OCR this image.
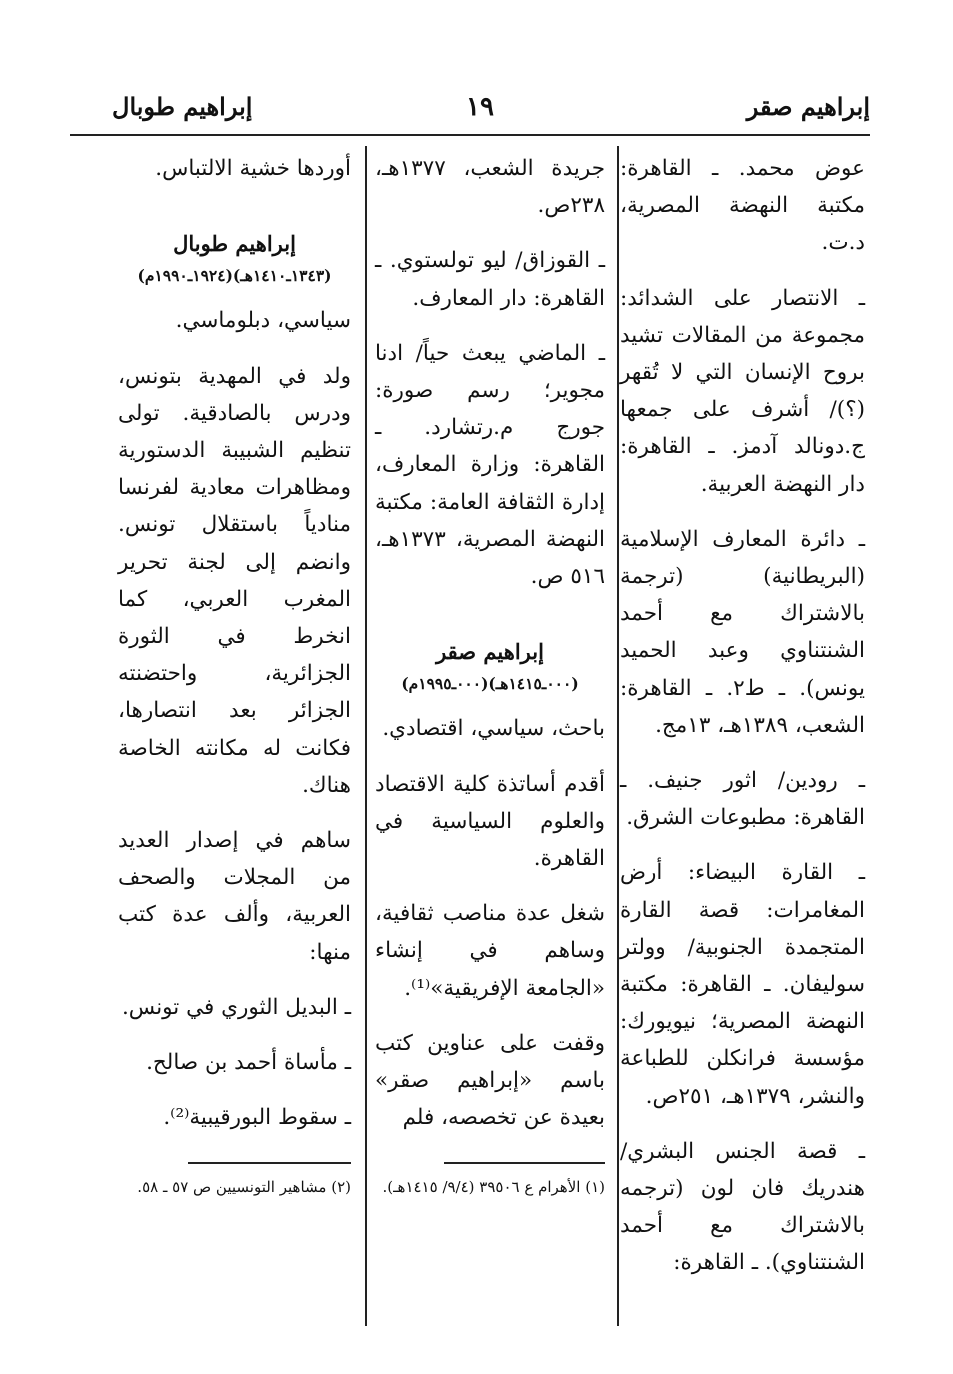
إبراهيم صقر
١٩
إبراهيم طوبال

عوض محمد. ـ القاهرة: مكتبة النهضة المصرية، د.ت.

ـ الانتصار على الشدائد: مجموعة من المقالات تشيد بروح الإنسان التي لا تُقهر (؟)/ أشرف على جمعها ج.دونالد آدمز. ـ القاهرة: دار النهضة العربية.

ـ دائرة المعارف الإسلامية (البريطانية) (ترجمة بالاشتراك مع أحمد الشنتناوي وعبد الحميد يونس). ـ ط٢. ـ القاهرة: الشعب، ١٣٨٩هـ، ١٣مج.

ـ رودين/ اثور جنيف. ـ القاهرة: مطبوعات الشرق.

ـ القارة البيضاء: أرض المغامرات: قصة القارة المتجمدة الجنوبية/ وولتر سوليفان. ـ القاهرة: مكتبة النهضة المصرية؛ نيويورك: مؤسسة فرانكلن للطباعة والنشر، ١٣٧٩هـ، ٢٥١ص.

ـ قصة الجنس البشري/ هندريك فان لون (ترجمه بالاشتراك مع أحمد الشنتناوي). ـ القاهرة:

جريدة الشعب، ١٣٧٧هـ، ٢٣٨ص.

ـ القوزاق/ ليو تولستوي. ـ القاهرة: دار المعارف.

ـ الماضي يبعث حياً/ ادنا مجوير؛ رسم صورة: جورج م.رتشارد. ـ القاهرة: وزارة المعارف، إدارة الثقافة العامة: مكتبة النهضة المصرية، ١٣٧٣هـ، ٥١٦ ص.

إبراهيم صقر
(٠٠٠ـ١٤١٥هـ)(٠٠٠ـ١٩٩٥م)

باحث، سياسي، اقتصادي.

أقدم أساتذة كلية الاقتصاد والعلوم السياسية في القاهرة.

شغل عدة مناصب ثقافية، وساهم في إنشاء «الجامعة الإفريقية»⁽¹⁾.

وقفت على عناوين كتب باسم «إبراهيم صقر» بعيدة عن تخصصه، فلم

(١) الأهرام ع ٣٩٥٠٦ (٩/٤/ ١٤١٥هـ).

أوردها خشية الالتباس.

إبراهيم طوبال
(١٣٤٣ـ١٤١٠هـ)(١٩٢٤ـ١٩٩٠م)

سياسي، دبلوماسي.

ولد في المهدية بتونس، ودرس بالصادقية. تولى تنظيم الشبيبة الدستورية ومظاهرات معادية لفرنسا منادياً باستقلال تونس. وانضم إلى لجنة تحرير المغرب العربي، كما انخرط في الثورة الجزائرية، واحتضنته الجزائر بعد انتصارها، فكانت له مكانته الخاصة هناك.

ساهم في إصدار العديد من المجلات والصحف العربية، وألف عدة كتب منها:

ـ البديل الثوري في تونس.

ـ مأساة أحمد بن صالح.

ـ سقوط البورقيبية⁽²⁾.

(٢) مشاهير التونسيين ص ٥٧ ـ ٥٨.
